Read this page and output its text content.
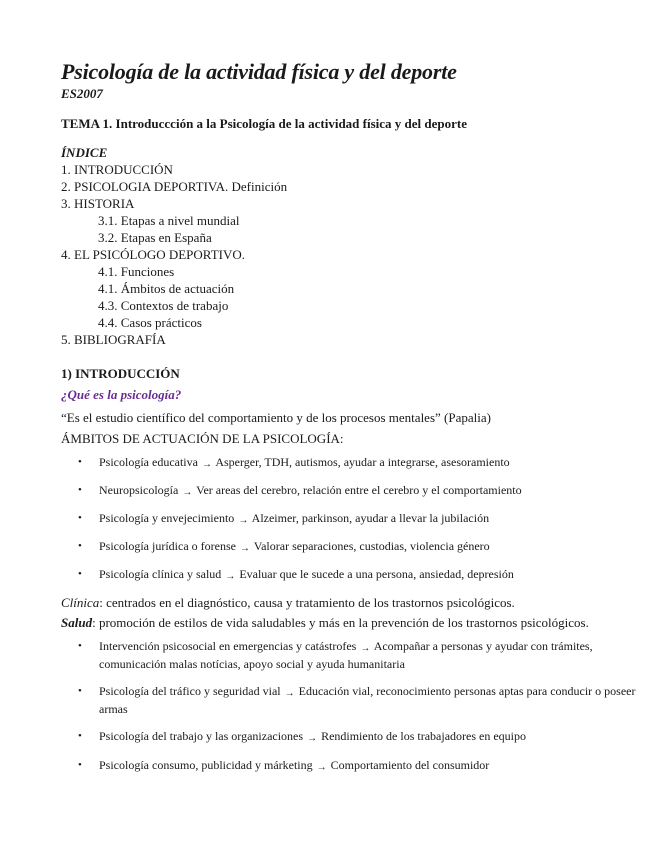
Psicología de la actividad física y del deporte
ES2007
TEMA 1. Introduccción a la Psicología de la actividad física y del deporte
ÍNDICE
1. INTRODUCCIÓN
2. PSICOLOGIA DEPORTIVA. Definición
3. HISTORIA
3.1. Etapas a nivel mundial
3.2. Etapas en España
4. EL PSICÓLOGO DEPORTIVO.
4.1. Funciones
4.1. Ámbitos de actuación
4.3. Contextos de trabajo
4.4. Casos prácticos
5. BIBLIOGRAFÍA
1) INTRODUCCIÓN
¿Qué es la psicología?
“Es el estudio científico del comportamiento y de los procesos mentales” (Papalia)
ÁMBITOS DE ACTUACIÓN DE LA PSICOLOGÍA:
• Psicología educativa → Asperger, TDH, autismos, ayudar a integrarse, asesoramiento
• Neuropsicología → Ver areas del cerebro, relación entre el cerebro y el comportamiento
• Psicología y envejecimiento → Alzeimer, parkinson, ayudar a llevar la jubilación
• Psicología jurídica o forense → Valorar separaciones, custodias, violencia género
• Psicología clínica y salud → Evaluar que le sucede a una persona, ansiedad, depresión
Clínica: centrados en el diagnóstico, causa y tratamiento de los trastornos psicológicos.
Salud: promoción de estilos de vida saludables y más en la prevención de los trastornos psicológicos.
• Intervención psicosocial en emergencias y catástrofes → Acompañar a personas y ayudar con trámites, comunicación malas notícias, apoyo social y ayuda humanitaria
• Psicología del tráfico y seguridad vial → Educación vial, reconocimiento personas aptas para conducir o poseer armas
• Psicología del trabajo y las organizaciones → Rendimiento de los trabajadores en equipo
• Psicología consumo, publicidad y márketing → Comportamiento del consumidor
